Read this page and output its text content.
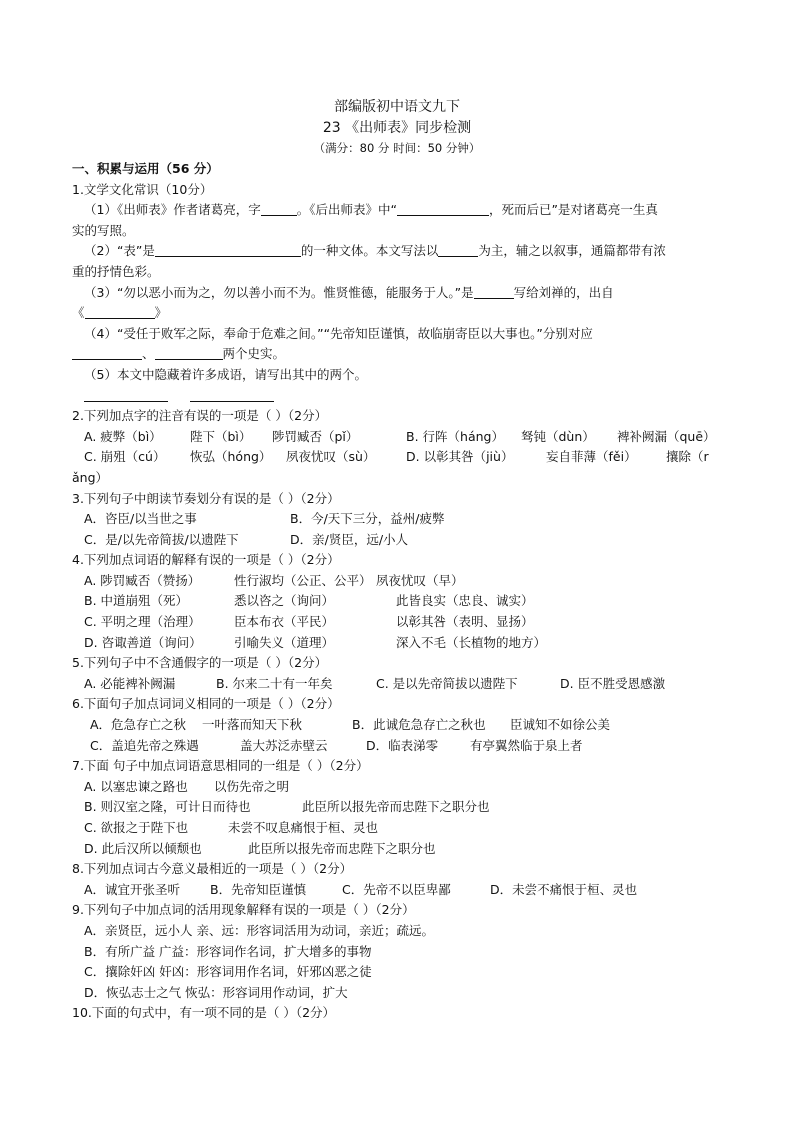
部编版初中语文九下
23 《出师表》同步检测
（满分：80 分 时间：50 分钟）
一、积累与运用（56 分）
1.文学文化常识（10分）
（1）《出师表》作者诸葛亮，字	。《后出师表》中“	，死而后已”是对诸葛亮一生真
实的写照。
（2）“表”是	的一种文体。本文写法以	为主，辅之以叙事，通篇都带有浓
重的抒情色彩。
（3）“勿以恶小而为之，勿以善小而不为。惟贤惟德，能服务于人。”是	写给刘禅的，出自
《	》
（4）“受任于败军之际，奉命于危难之间。”“先帝知臣谨慎，故临崩寄臣以大事也。”分别对应
、	两个史实。
（5）本文中隐藏着许多成语，请写出其中的两个。
2.下列加点字的注音有误的一项是（ ）（2分）
A. 疲弊（bì） 陛下（bì） 陟罚臧否（pǐ）	B. 行阵（háng） 驽钝（dùn） 裨补阙漏（quē）
C. 崩殂（cú） 恢弘（hóng） 夙夜忧叹（sù） D. 以彰其咎（jiù）	妄自菲薄（fěi） 攘除（r
ǎng）
3.下列句子中朗读节奏划分有误的是（ ）（2分）
A．咨臣/以当世之事	B．今/天下三分，益州/疲弊
C．是/以先帝简拔/以遗陛下	D．亲/贤臣，远/小人
4.下列加点词语的解释有误的一项是（ ）（2分）
A. 陟罚臧否（赞扬）	性行淑均（公正、公平） 夙夜忧叹（早）
B. 中道崩殂（死）	悉以咨之（询问）	此皆良实（忠良、诚实）
C. 平明之理（治理）	臣本布衣（平民）	以彰其咎（表明、显扬）
D. 咨诹善道（询问）	引喻失义（道理）	深入不毛（长植物的地方）
5.下列句子中不含通假字的一项是（ ）（2分）
A. 必能裨补阙漏	B. 尔来二十有一年矣	C. 是以先帝简拔以遗陛下	D. 臣不胜受恩感激
6.下面句子加点词词义相同的一项是（ ）（2分）
A．危急存亡之秋 一叶落而知天下秋	B．此诚危急存亡之秋也 臣诚知不如徐公美
C．盖追先帝之殊遇	盖大苏泛赤壁云	D．临表涕零	有亭翼然临于泉上者
7.下面 句子中加点词语意思相同的一组是（ ）（2分）
A. 以塞忠谏之路也 以伤先帝之明
B. 则汉室之隆，可计日而待也	此臣所以报先帝而忠陛下之职分也
C. 欲报之于陛下也	未尝不叹息痛恨于桓、灵也
D. 此后汉所以倾颓也	此臣所以报先帝而忠陛下之职分也
8.下列加点词古今意义最相近的一项是（ ）（2分）
A．诚宜开张圣听 B．先帝知臣谨慎	C．先帝不以臣卑鄙	D．未尝不痛恨于桓、灵也
9.下列句子中加点词的活用现象解释有误的一项是（ ）（2分）
A．亲贤臣，远小人 亲、远：形容词活用为动词，亲近；疏远。
B．有所广益 广益：形容词作名词，扩大增多的事物
C．攘除奸凶 奸凶：形容词用作名词，奸邪凶恶之徒
D．恢弘志士之气 恢弘：形容词用作动词，扩大
10.下面的句式中，有一项不同的是（ ）（2分）
